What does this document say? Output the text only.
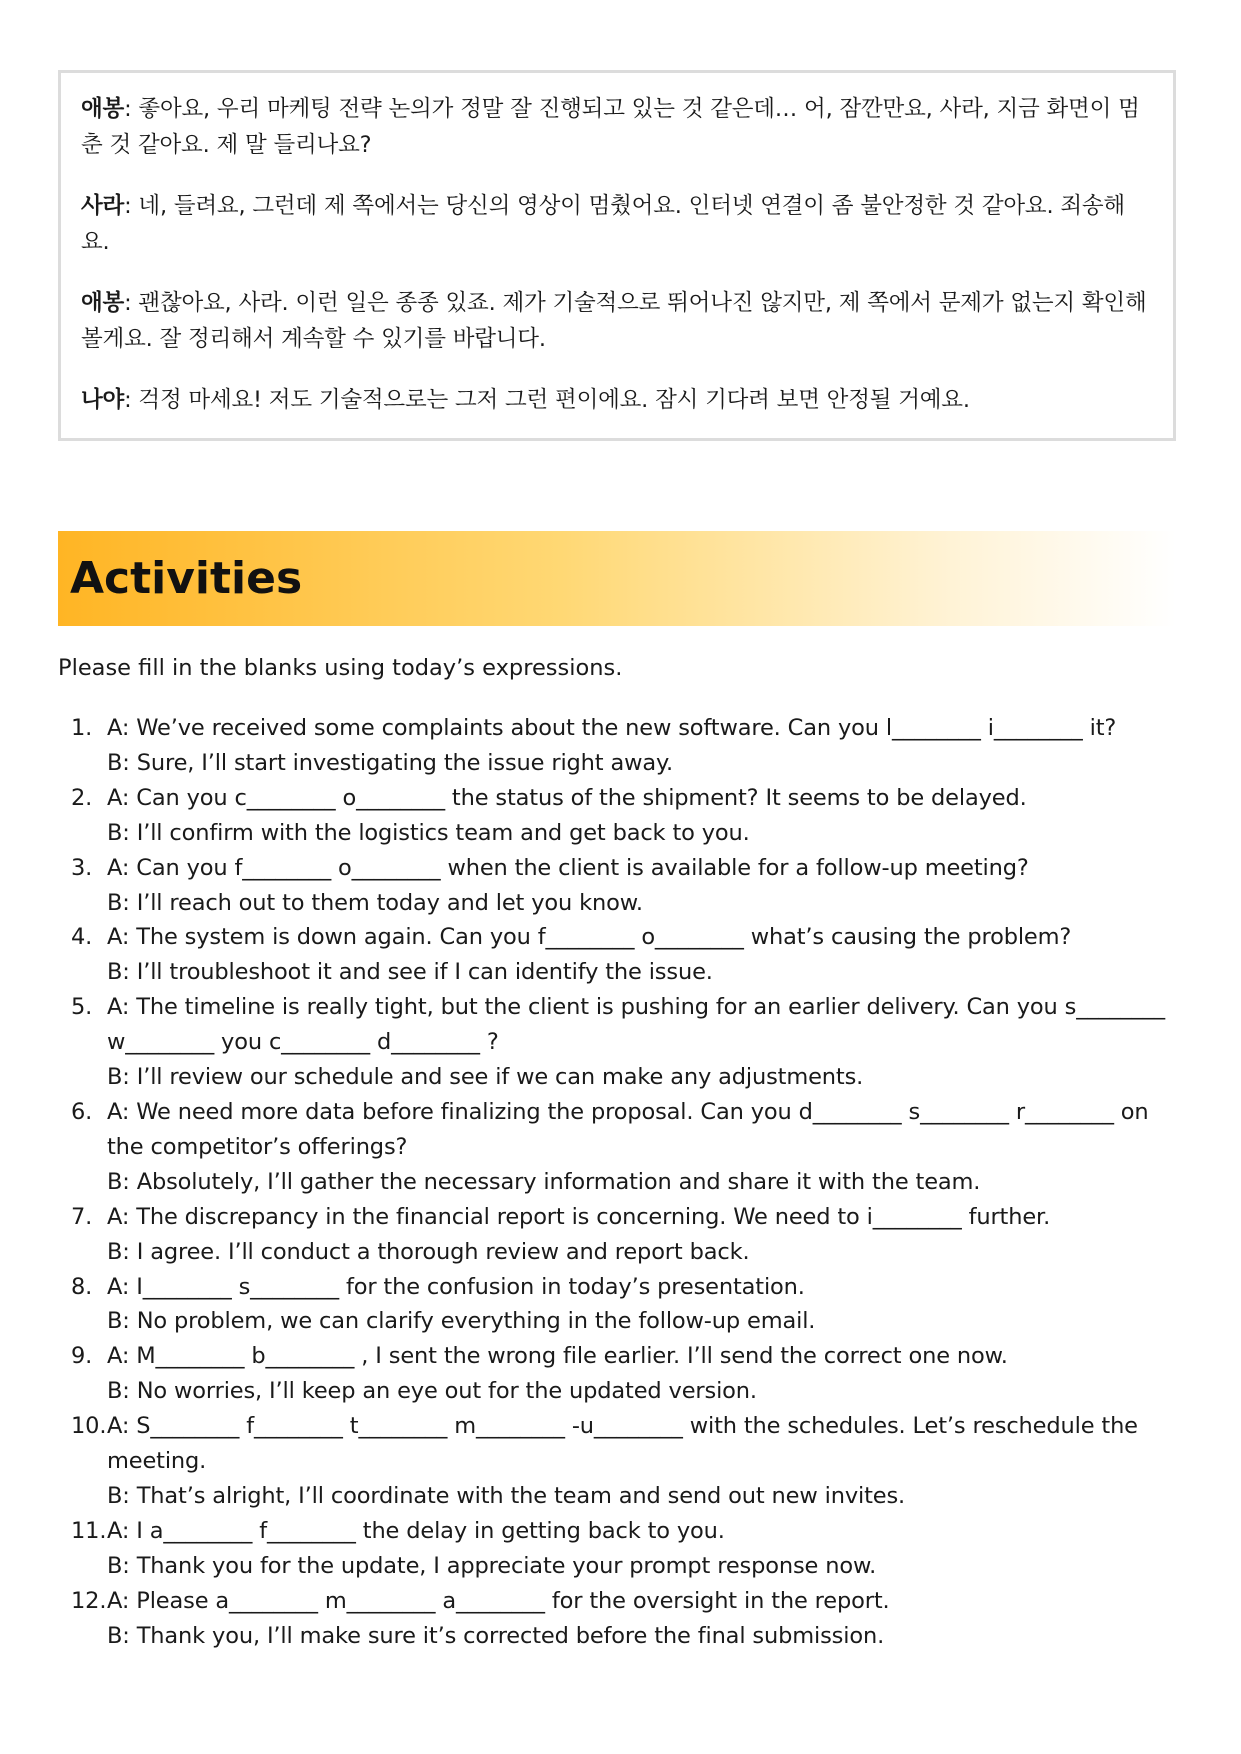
애봉: 좋아요, 우리 마케팅 전략 논의가 정말 잘 진행되고 있는 것 같은데… 어, 잠깐만요, 사라, 지금 화면이 멈춘 것 같아요. 제 말 들리나요?

사라: 네, 들려요, 그런데 제 쪽에서는 당신의 영상이 멈췄어요. 인터넷 연결이 좀 불안정한 것 같아요. 죄송해요.

애봉: 괜찮아요, 사라. 이런 일은 종종 있죠. 제가 기술적으로 뛰어나진 않지만, 제 쪽에서 문제가 없는지 확인해 볼게요. 잘 정리해서 계속할 수 있기를 바랍니다.

나야: 걱정 마세요! 저도 기술적으로는 그저 그런 편이에요. 잠시 기다려 보면 안정될 거예요.

Activities
Please fill in the blanks using today’s expressions.
1. A: We’ve received some complaints about the new software. Can you l________ i________ it?
B: Sure, I’ll start investigating the issue right away.
2. A: Can you c________ o________ the status of the shipment? It seems to be delayed.
B: I’ll confirm with the logistics team and get back to you.
3. A: Can you f________ o________ when the client is available for a follow-up meeting?
B: I’ll reach out to them today and let you know.
4. A: The system is down again. Can you f________ o________ what’s causing the problem?
B: I’ll troubleshoot it and see if I can identify the issue.
5. A: The timeline is really tight, but the client is pushing for an earlier delivery. Can you s________ w________ you c________ d________ ?
B: I’ll review our schedule and see if we can make any adjustments.
6. A: We need more data before finalizing the proposal. Can you d________ s________ r________ on the competitor’s offerings?
B: Absolutely, I’ll gather the necessary information and share it with the team.
7. A: The discrepancy in the financial report is concerning. We need to i________ further.
B: I agree. I’ll conduct a thorough review and report back.
8. A: I________ s________ for the confusion in today’s presentation.
B: No problem, we can clarify everything in the follow-up email.
9. A: M________ b________ , I sent the wrong file earlier. I’ll send the correct one now.
B: No worries, I’ll keep an eye out for the updated version.
10. A: S________ f________ t________ m________ -u________ with the schedules. Let’s reschedule the meeting.
B: That’s alright, I’ll coordinate with the team and send out new invites.
11. A: I a________ f________ the delay in getting back to you.
B: Thank you for the update, I appreciate your prompt response now.
12. A: Please a________ m________ a________ for the oversight in the report.
B: Thank you, I’ll make sure it’s corrected before the final submission.
